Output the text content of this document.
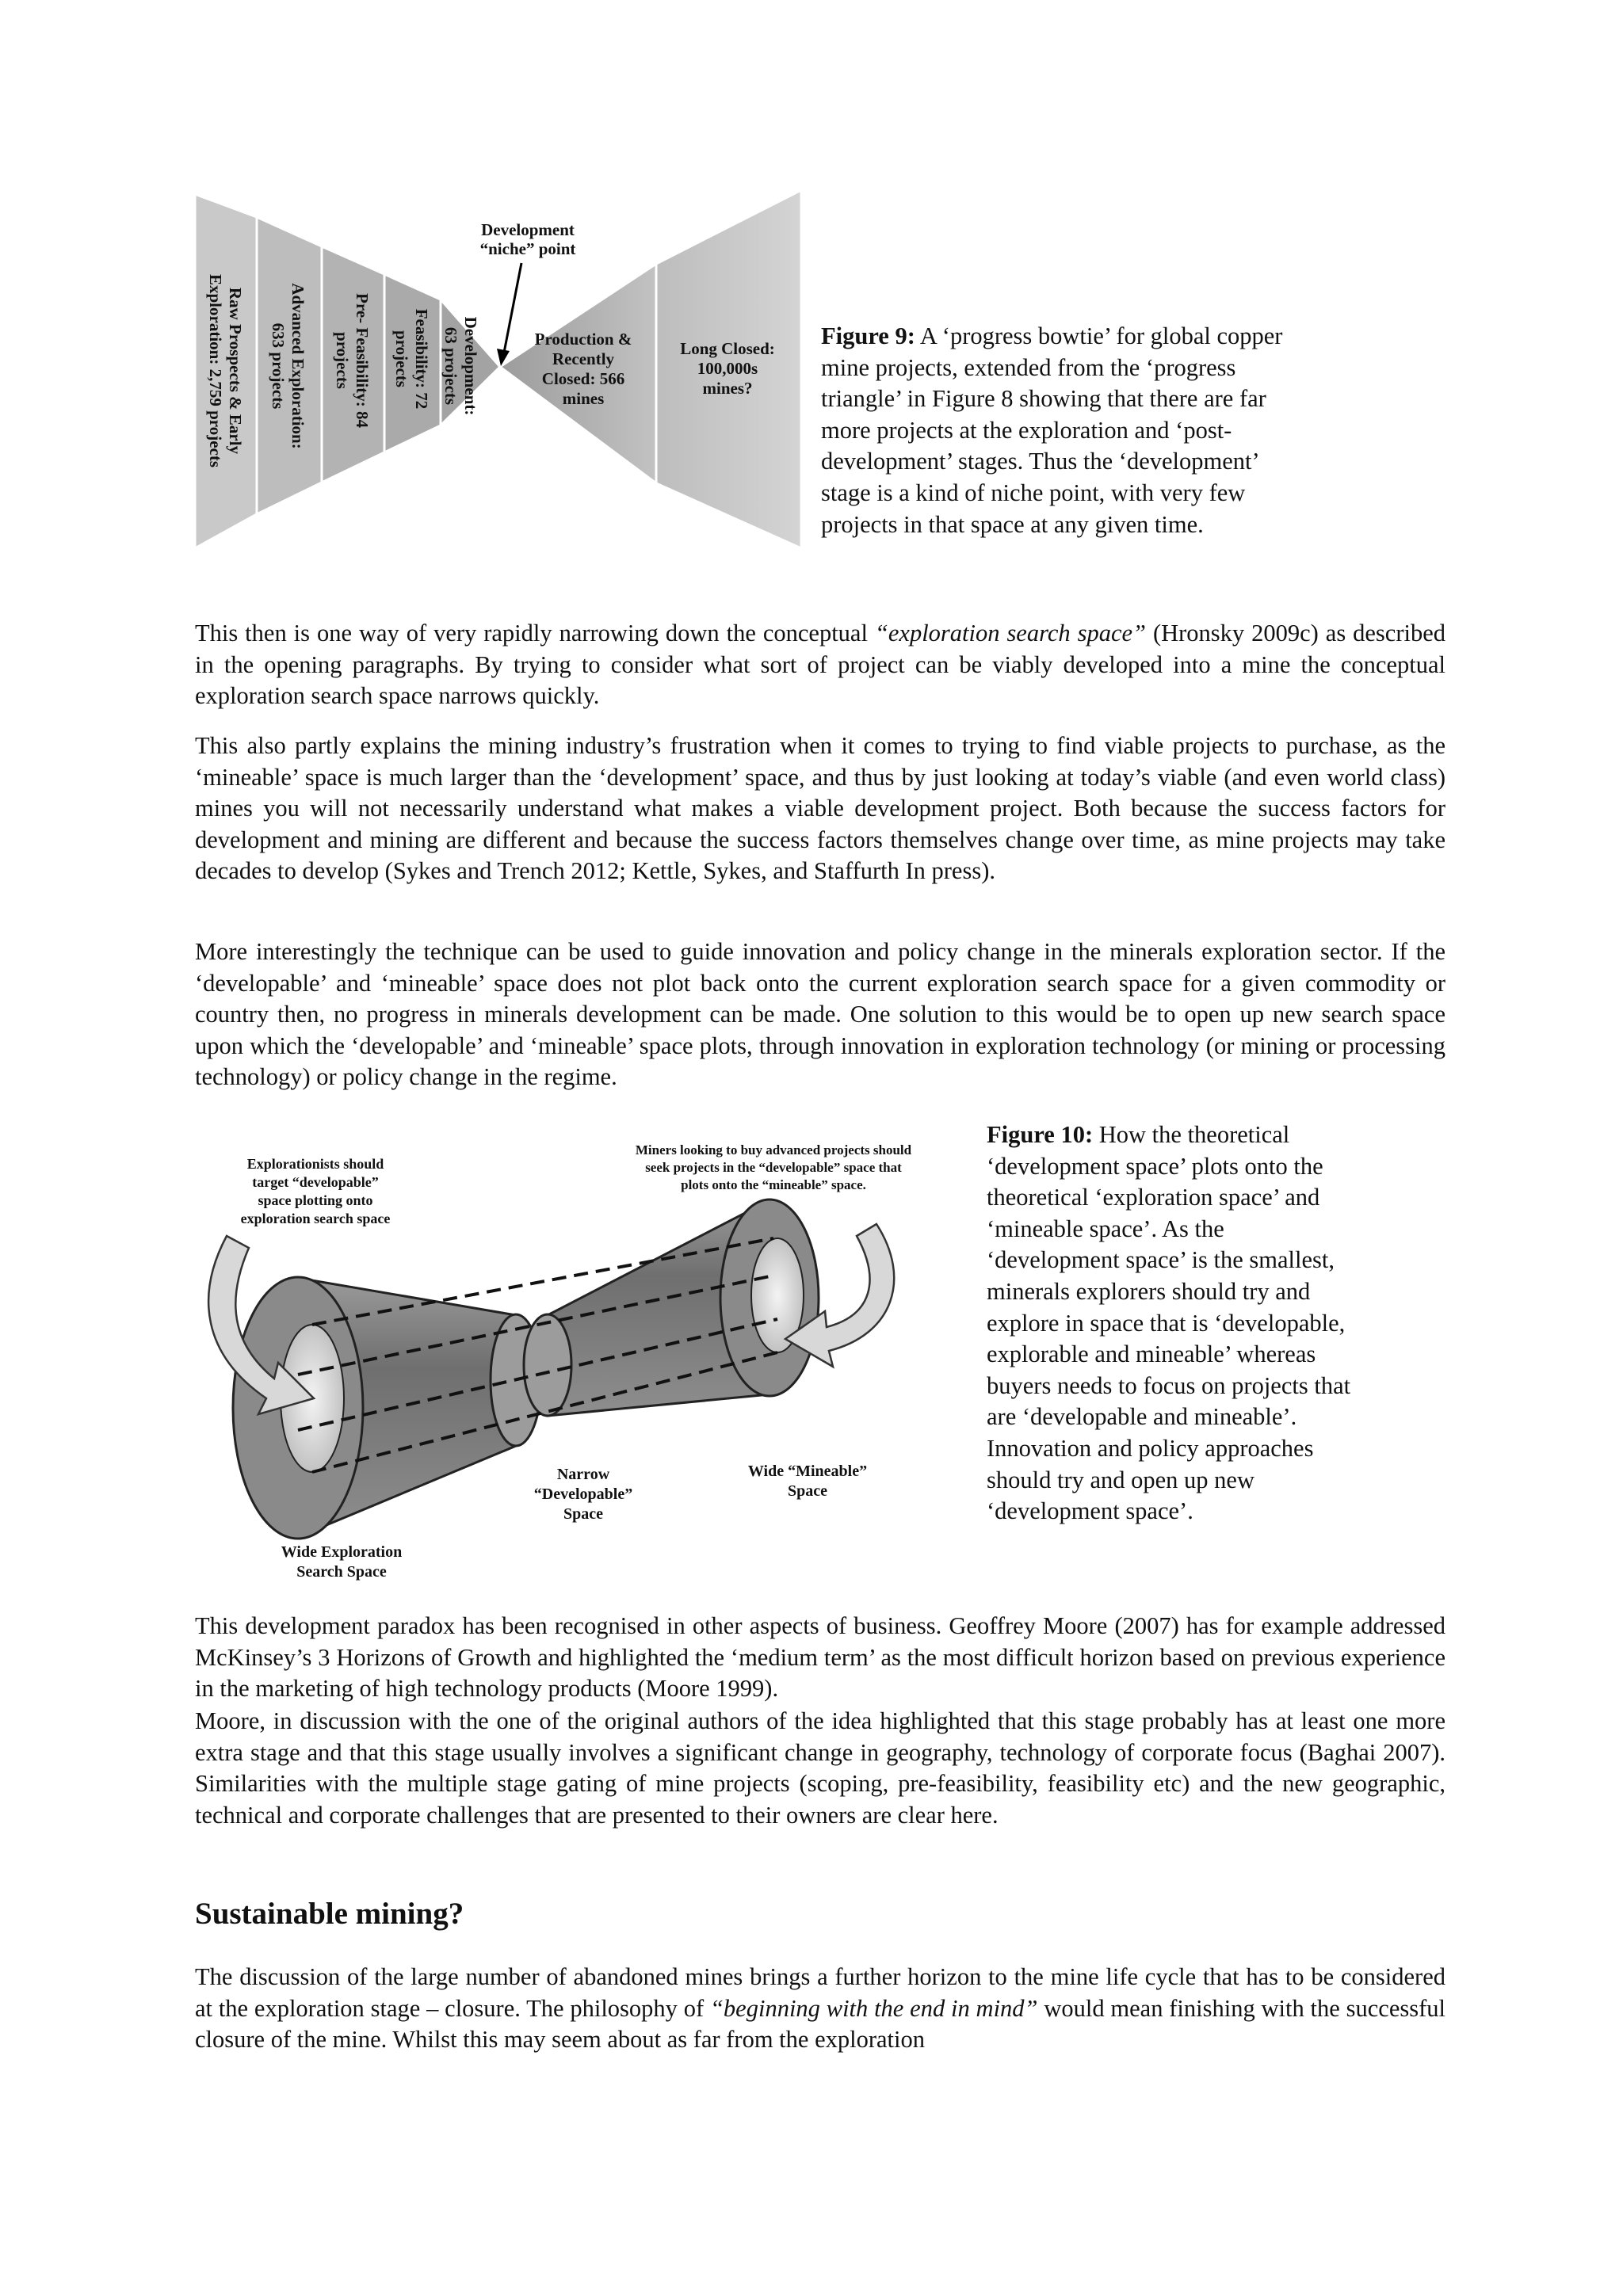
Raw Prospects & Early
Exploration: 2,759 projects	Advanced Exploration:
633 projects	Pre- Feasibility: 84
projects	Feasibility: 72
projects	Development:
63 projects
Development
“niche” point
Production &
Recently
Closed: 566
mines
Long Closed:
100,000s
mines?

Figure 9: A ‘progress bowtie’ for global copper mine projects, extended from the ‘progress triangle’ in Figure 8 showing that there are far more projects at the exploration and ‘post-development’ stages. Thus the ‘development’ stage is a kind of niche point, with very few projects in that space at any given time.

This then is one way of very rapidly narrowing down the conceptual “exploration search space” (Hronsky 2009c) as described in the opening paragraphs. By trying to consider what sort of project can be viably developed into a mine the conceptual exploration search space narrows quickly.

This also partly explains the mining industry’s frustration when it comes to trying to find viable projects to purchase, as the ‘mineable’ space is much larger than the ‘development’ space, and thus by just looking at today’s viable (and even world class) mines you will not necessarily understand what makes a viable development project. Both because the success factors for development and mining are different and because the success factors themselves change over time, as mine projects may take decades to develop (Sykes and Trench 2012; Kettle, Sykes, and Staffurth In press).

More interestingly the technique can be used to guide innovation and policy change in the minerals exploration sector. If the ‘developable’ and ‘mineable’ space does not plot back onto the current exploration search space for a given commodity or country then, no progress in minerals development can be made. One solution to this would be to open up new search space upon which the ‘developable’ and ‘mineable’ space plots, through innovation in exploration technology (or mining or processing technology) or policy change in the regime.

Explorationists should
target “developable”
space plotting onto
exploration search space
Miners looking to buy advanced projects should
seek projects in the “developable” space that
plots onto the “mineable” space.
Narrow
“Developable”
Space
Wide “Mineable”
Space
Wide Exploration
Search Space

Figure 10: How the theoretical ‘development space’ plots onto the theoretical ‘exploration space’ and ‘mineable space’. As the ‘development space’ is the smallest, minerals explorers should try and explore in space that is ‘developable, explorable and mineable’ whereas buyers needs to focus on projects that are ‘developable and mineable’. Innovation and policy approaches should try and open up new ‘development space’.

This development paradox has been recognised in other aspects of business. Geoffrey Moore (2007) has for example addressed McKinsey’s 3 Horizons of Growth and highlighted the ‘medium term’ as the most difficult horizon based on previous experience in the marketing of high technology products (Moore 1999).

Moore, in discussion with the one of the original authors of the idea highlighted that this stage probably has at least one more extra stage and that this stage usually involves a significant change in geography, technology of corporate focus (Baghai 2007). Similarities with the multiple stage gating of mine projects (scoping, pre-feasibility, feasibility etc) and the new geographic, technical and corporate challenges that are presented to their owners are clear here.

Sustainable mining?

The discussion of the large number of abandoned mines brings a further horizon to the mine life cycle that has to be considered at the exploration stage – closure. The philosophy of “beginning with the end in mind” would mean finishing with the successful closure of the mine. Whilst this may seem about as far from the exploration
